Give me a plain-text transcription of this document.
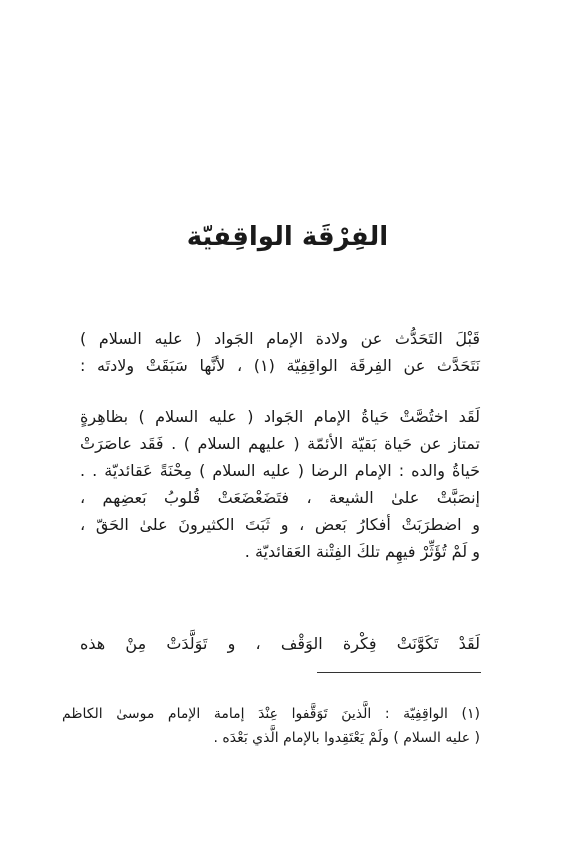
الفِرْقَة الواقِفيّة
قَبْلَ التَحَدُّث عن ولادة الإمام الجَواد ( عليه السلام )
نَتَحَدَّث عن الفِرقَة الواقِفِيّة (١) ، لأنَّها سَبَقَتْ ولادتَه :
لَقَد اختُصَّتْ حَياةُ الإمام الجَواد ( عليه السلام ) بظاهِرةٍ
تمتاز عن حَياة بَقيّة الأئمّة ( عليهم السلام ) . فَقَد عاصَرَتْ
حَياةُ والده : الإمام الرضا ( عليه السلام ) مِحْنَةً عَقائديّة . .
إنصَبَّتْ علىٰ الشيعة ، فتَضَعْضَعَتْ قُلوبُ بَعضِهم ،
و اضطرَبَتْ أفكارُ بَعض ، و ثَبَتَ الكثيرونَ علىٰ الحَقّ ،
و لَمْ تُؤَثِّرْ فيهِم تلكَ الفِتْنة العَقائديّة .
لَقَدْ تَكَوَّنَتْ فِكْرة الوَقْف ، و تَوَلَّدَتْ مِنْ هذه
(١) الواقِفِيّة : الَّذينَ تَوَقَّفوا عِنْدَ إمامة الإمام موسىٰ الكاظم
( عليه السلام ) ولَمْ يَعْتَقِدوا بالإمام الَّذي بَعْدَه .
